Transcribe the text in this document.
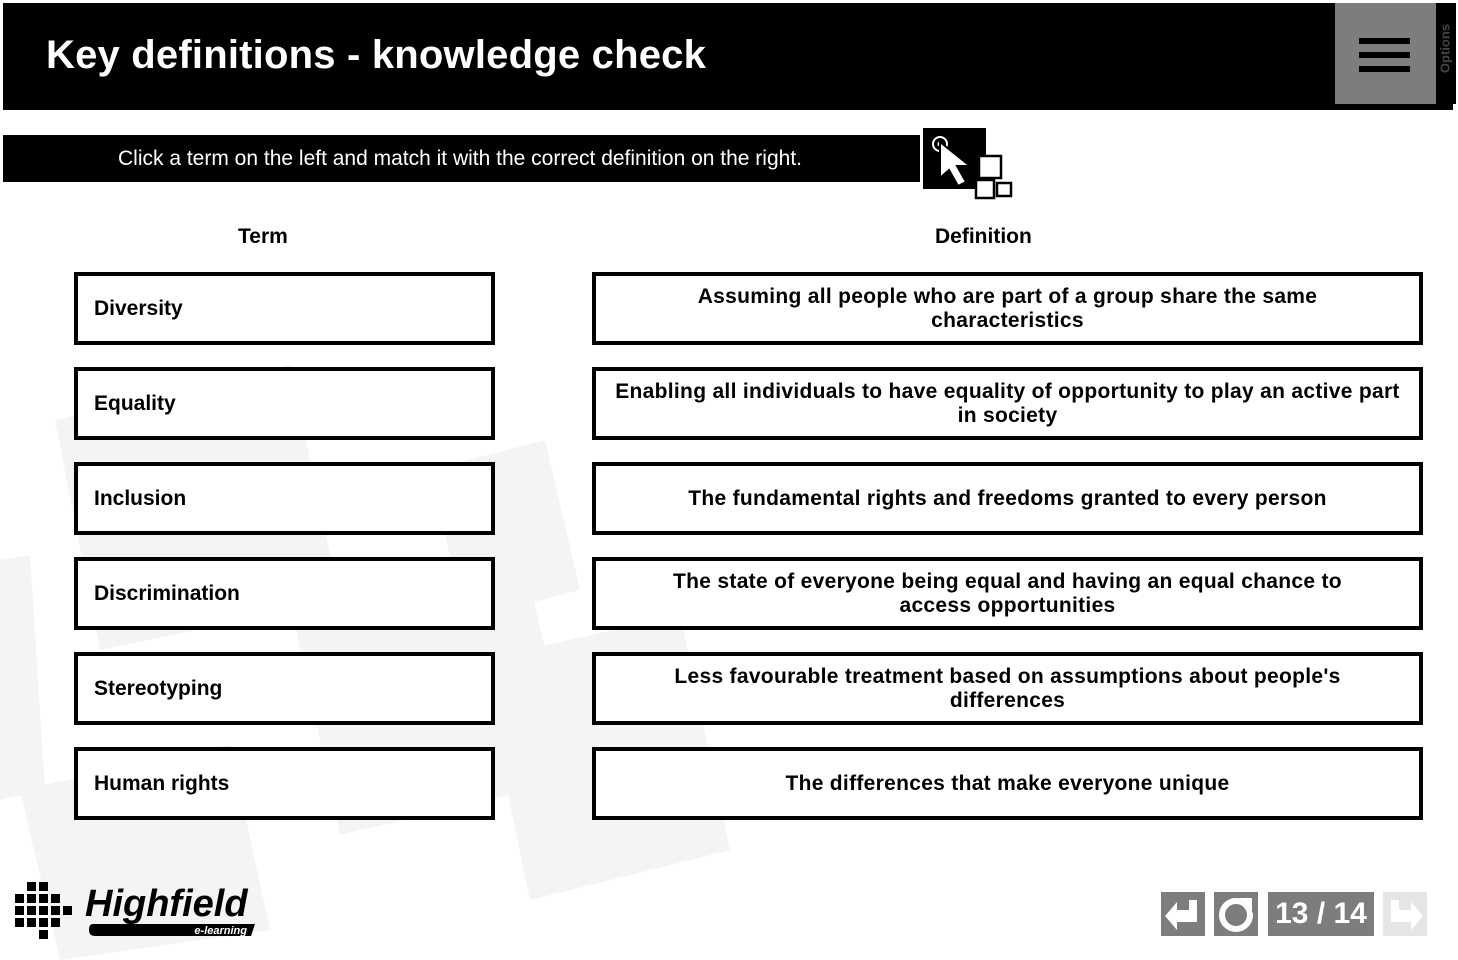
Key definitions - knowledge check	Options
Click a term on the left and match it with the correct definition on the right.
Term	Definition
Diversity
Equality
Inclusion
Discrimination
Stereotyping
Human rights
Assuming all people who are part of a group share the same characteristics
Enabling all individuals to have equality of opportunity to play an active part in society
The fundamental rights and freedoms granted to every person
The state of everyone being equal and having an equal chance to access opportunities
Less favourable treatment based on assumptions about people's differences
The differences that make everyone unique
Highfield
e-learning
13 / 14
